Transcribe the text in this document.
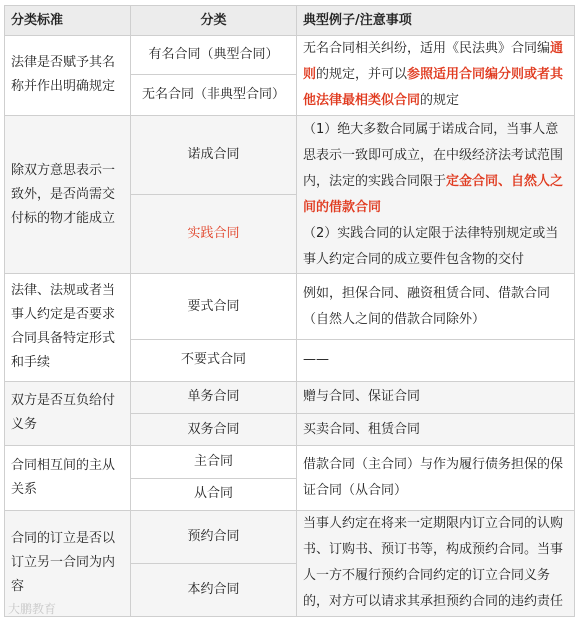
分类标准	分类	典型例子/注意事项
法律是否赋予其名称并作出明确规定	有名合同（典型合同）	无名合同相关纠纷，适用《民法典》合同编通则的规定，并可以参照适用合同编分则或者其他法律最相类似合同的规定
	无名合同（非典型合同）	
除双方意思表示一致外，是否尚需交付标的物才能成立	诺成合同	（1）绝大多数合同属于诺成合同，当事人意思表示一致即可成立，在中级经济法考试范围内，法定的实践合同限于定金合同、自然人之间的借款合同
（2）实践合同的认定限于法律特别规定或当事人约定合同的成立要件包含物的交付
	实践合同	
法律、法规或者当事人约定是否要求合同具备特定形式和手续	要式合同	例如，担保合同、融资租赁合同、借款合同（自然人之间的借款合同除外）
	不要式合同	——
双方是否互负给付义务	单务合同	赠与合同、保证合同
	双务合同	买卖合同、租赁合同
合同相互间的主从关系	主合同	借款合同（主合同）与作为履行债务担保的保证合同（从合同）
	从合同	
合同的订立是否以订立另一合同为内容	预约合同	当事人约定在将来一定期限内订立合同的认购书、订购书、预订书等，构成预约合同。当事人一方不履行预约合同约定的订立合同义务的，对方可以请求其承担预约合同的违约责任
	本约合同	
大鹏教育
